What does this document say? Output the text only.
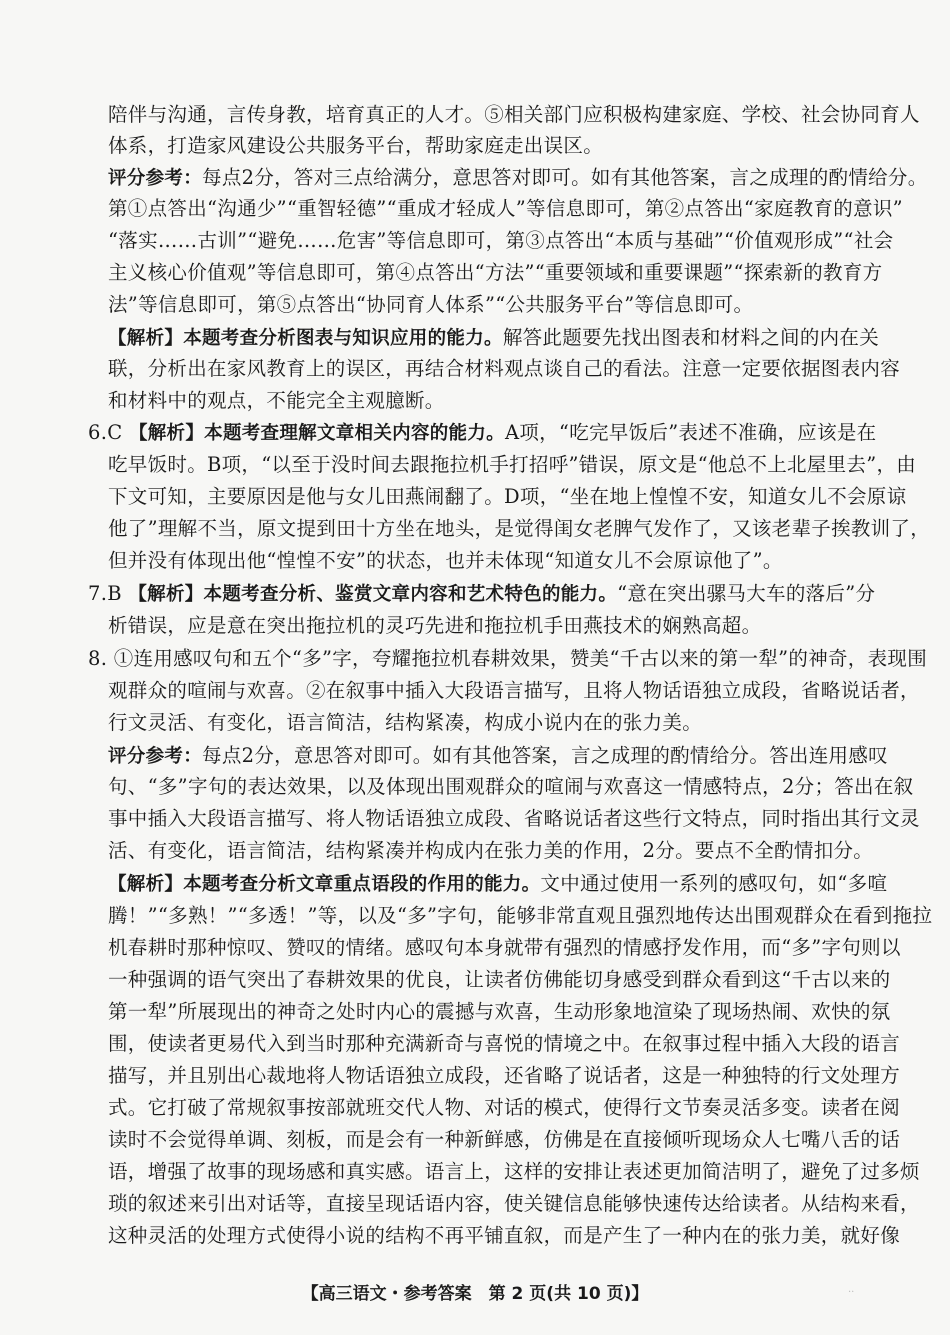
陪伴与沟通，言传身教，培育真正的人才。⑤相关部门应积极构建家庭、学校、社会协同育人
体系，打造家风建设公共服务平台，帮助家庭走出误区。
评分参考：每点2分，答对三点给满分，意思答对即可。如有其他答案，言之成理的酌情给分。
第①点答出“沟通少”“重智轻德”“重成才轻成人”等信息即可，第②点答出“家庭教育的意识”
“落实……古训”“避免……危害”等信息即可，第③点答出“本质与基础”“价值观形成”“社会
主义核心价值观”等信息即可，第④点答出“方法”“重要领域和重要课题”“探索新的教育方
法”等信息即可，第⑤点答出“协同育人体系”“公共服务平台”等信息即可。
【解析】本题考查分析图表与知识应用的能力。解答此题要先找出图表和材料之间的内在关
联，分析出在家风教育上的误区，再结合材料观点谈自己的看法。注意一定要依据图表内容
和材料中的观点，不能完全主观臆断。
6.C 【解析】本题考查理解文章相关内容的能力。A项，“吃完早饭后”表述不准确，应该是在
吃早饭时。B项，“以至于没时间去跟拖拉机手打招呼”错误，原文是“他总不上北屋里去”，由
下文可知，主要原因是他与女儿田燕闹翻了。D项，“坐在地上惶惶不安，知道女儿不会原谅
他了”理解不当，原文提到田十方坐在地头，是觉得闺女老脾气发作了，又该老辈子挨教训了，
但并没有体现出他“惶惶不安”的状态，也并未体现“知道女儿不会原谅他了”。
7.B 【解析】本题考查分析、鉴赏文章内容和艺术特色的能力。“意在突出骡马大车的落后”分
析错误，应是意在突出拖拉机的灵巧先进和拖拉机手田燕技术的娴熟高超。
8. ①连用感叹句和五个“多”字，夸耀拖拉机春耕效果，赞美“千古以来的第一犁”的神奇，表现围
观群众的喧闹与欢喜。②在叙事中插入大段语言描写，且将人物话语独立成段，省略说话者，
行文灵活、有变化，语言简洁，结构紧凑，构成小说内在的张力美。
评分参考：每点2分，意思答对即可。如有其他答案，言之成理的酌情给分。答出连用感叹
句、“多”字句的表达效果，以及体现出围观群众的喧闹与欢喜这一情感特点，2分；答出在叙
事中插入大段语言描写、将人物话语独立成段、省略说话者这些行文特点，同时指出其行文灵
活、有变化，语言简洁，结构紧凑并构成内在张力美的作用，2分。要点不全酌情扣分。
【解析】本题考查分析文章重点语段的作用的能力。文中通过使用一系列的感叹句，如“多喧
腾！”“多熟！”“多透！”等，以及“多”字句，能够非常直观且强烈地传达出围观群众在看到拖拉
机春耕时那种惊叹、赞叹的情绪。感叹句本身就带有强烈的情感抒发作用，而“多”字句则以
一种强调的语气突出了春耕效果的优良，让读者仿佛能切身感受到群众看到这“千古以来的
第一犁”所展现出的神奇之处时内心的震撼与欢喜，生动形象地渲染了现场热闹、欢快的氛
围，使读者更易代入到当时那种充满新奇与喜悦的情境之中。在叙事过程中插入大段的语言
描写，并且别出心裁地将人物话语独立成段，还省略了说话者，这是一种独特的行文处理方
式。它打破了常规叙事按部就班交代人物、对话的模式，使得行文节奏灵活多变。读者在阅
读时不会觉得单调、刻板，而是会有一种新鲜感，仿佛是在直接倾听现场众人七嘴八舌的话
语，增强了故事的现场感和真实感。语言上，这样的安排让表述更加简洁明了，避免了过多烦
琐的叙述来引出对话等，直接呈现话语内容，使关键信息能够快速传达给读者。从结构来看，
这种灵活的处理方式使得小说的结构不再平铺直叙，而是产生了一种内在的张力美，就好像
【高三语文・参考答案　第 2 页(共 10 页)】	..
